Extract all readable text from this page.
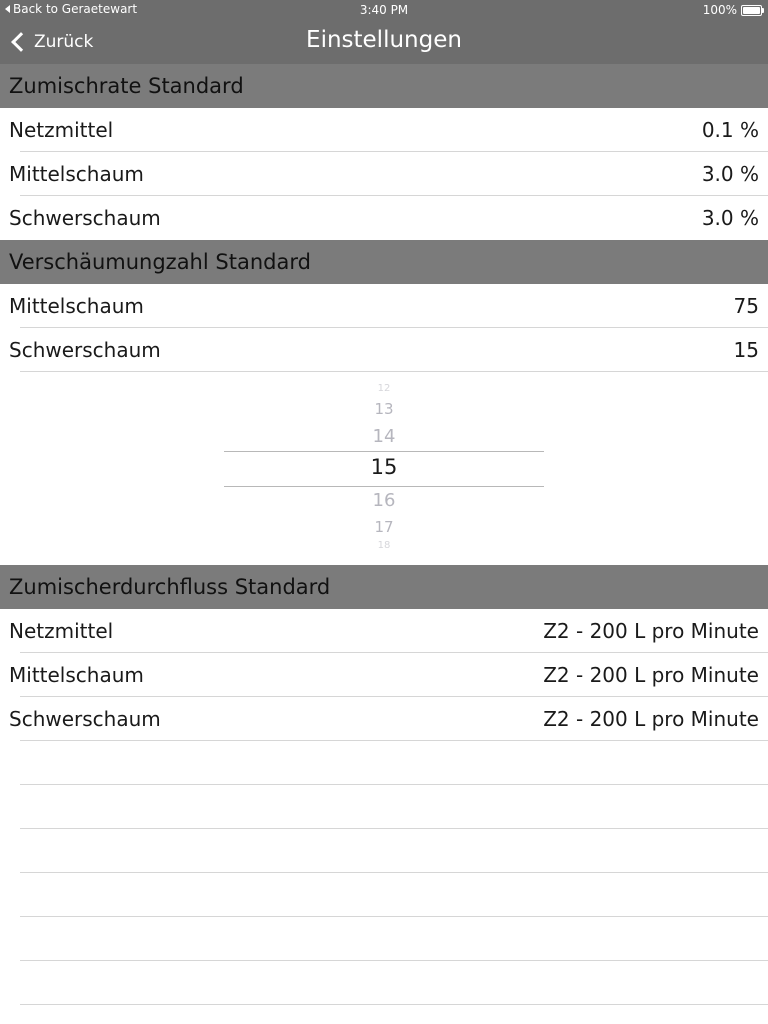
Back to Geraetewart	3:40 PM	100%
Zurück	Einstellungen
Zumischrate Standard
Netzmittel	0.1 %
Mittelschaum	3.0 %
Schwerschaum	3.0 %
Verschäumungzahl Standard
Mittelschaum	75
Schwerschaum	15
12
13
14
15
16
17
18
Zumischerdurchfluss Standard
Netzmittel	Z2 - 200 L pro Minute
Mittelschaum	Z2 - 200 L pro Minute
Schwerschaum	Z2 - 200 L pro Minute
